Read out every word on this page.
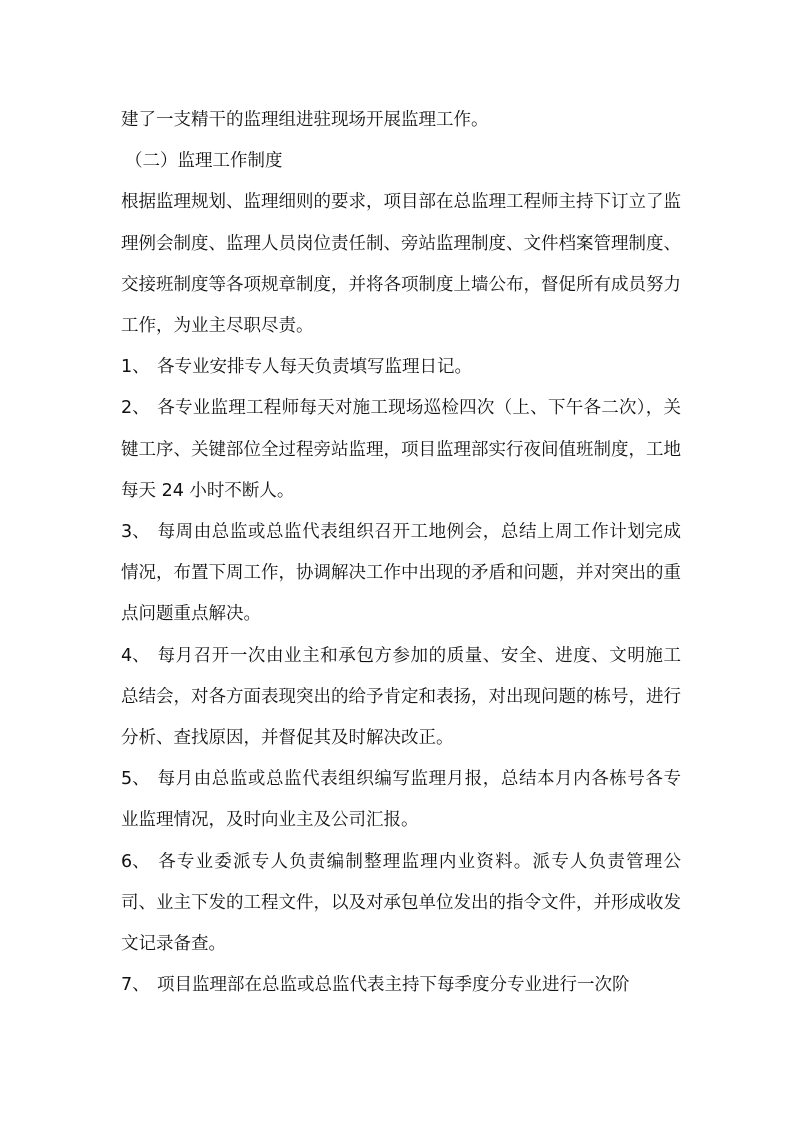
建了一支精干的监理组进驻现场开展监理工作。

（二）监理工作制度

根据监理规划、监理细则的要求，项目部在总监理工程师主持下订立了监理例会制度、监理人员岗位责任制、旁站监理制度、文件档案管理制度、交接班制度等各项规章制度，并将各项制度上墙公布，督促所有成员努力工作，为业主尽职尽责。

1、 各专业安排专人每天负责填写监理日记。

2、 各专业监理工程师每天对施工现场巡检四次（上、下午各二次），关键工序、关键部位全过程旁站监理，项目监理部实行夜间值班制度，工地每天 24 小时不断人。

3、 每周由总监或总监代表组织召开工地例会，总结上周工作计划完成情况，布置下周工作，协调解决工作中出现的矛盾和问题，并对突出的重点问题重点解决。

4、 每月召开一次由业主和承包方参加的质量、安全、进度、文明施工总结会，对各方面表现突出的给予肯定和表扬，对出现问题的栋号，进行分析、查找原因，并督促其及时解决改正。

5、 每月由总监或总监代表组织编写监理月报，总结本月内各栋号各专业监理情况，及时向业主及公司汇报。

6、 各专业委派专人负责编制整理监理内业资料。派专人负责管理公司、业主下发的工程文件，以及对承包单位发出的指令文件，并形成收发文记录备查。

7、 项目监理部在总监或总监代表主持下每季度分专业进行一次阶
